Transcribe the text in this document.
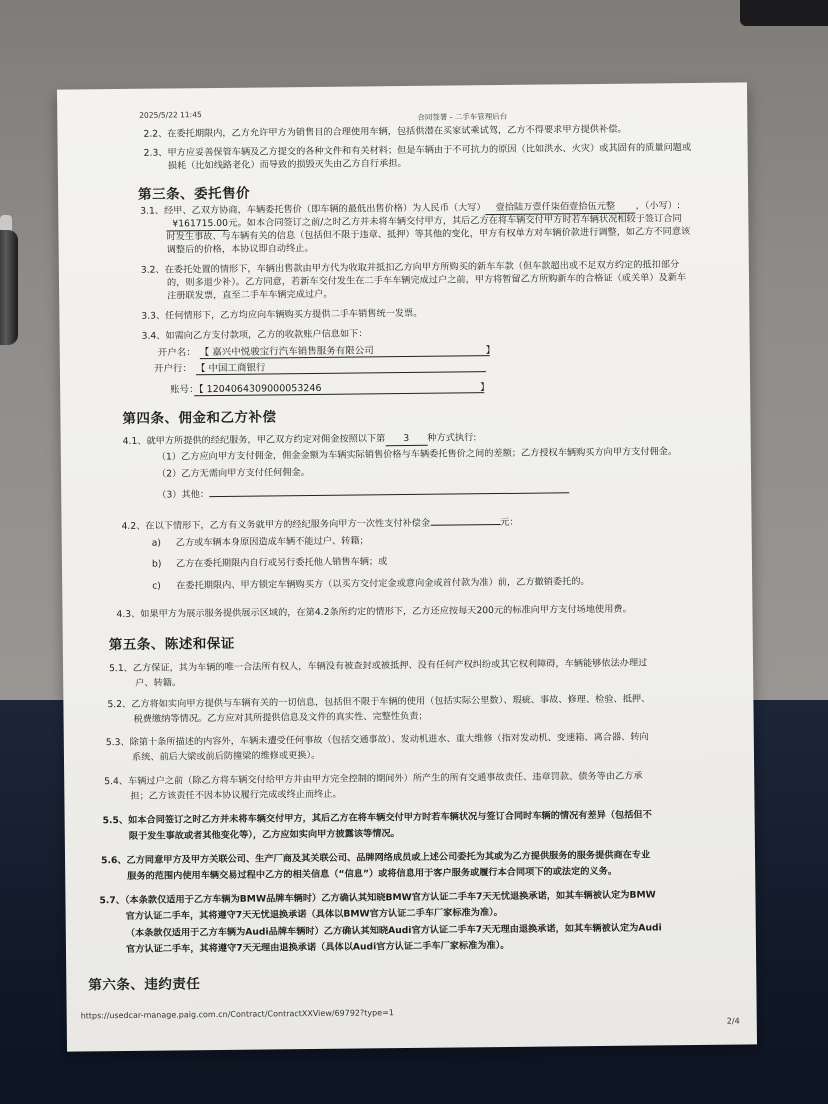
2025/5/22 11:45	合同签署 - 二手车管理后台
2.2、在委托期限内，乙方允许甲方为销售目的合理使用车辆，包括供潜在买家试乘试驾，乙方不得要求甲方提供补偿。
2.3、甲方应妥善保管车辆及乙方提交的各种文件和有关材料；但是车辆由于不可抗力的原因（比如洪水、火灾）或其固有的质量问题或
损耗（比如线路老化）而导致的损毁灭失由乙方自行承担。
第三条、委托售价
3.1、经甲、乙双方协商，车辆委托售价（即车辆的最低出售价格）为人民币（大写） 壹拾陆万壹仟柒佰壹拾伍元整 ，（小写）:
¥161715.00元。如本合同签订之前/之时乙方并未将车辆交付甲方，其后乙方在将车辆交付甲方时若车辆状况相较于签订合同
时发生事故、与车辆有关的信息（包括但不限于违章、抵押）等其他的变化，甲方有权单方对车辆价款进行调整，如乙方不同意该
调整后的价格，本协议即自动终止。
3.2、在委托处置的情形下，车辆出售款由甲方代为收取并抵扣乙方向甲方所购买的新车车款（但车款超出或不足双方约定的抵扣部分
的，则多退少补）。乙方同意，若新车交付发生在二手车车辆完成过户之前，甲方将暂留乙方所购新车的合格证（或关单）及新车
注册联发票，直至二手车车辆完成过户。
3.3、任何情形下，乙方均应向车辆购买方提供二手车销售统一发票。
3.4、如需向乙方支付款项，乙方的收款账户信息如下：
开户名： 【 嘉兴中悦骏宝行汽车销售服务有限公司	】
开户行： 【 中国工商银行
账号：
【 1204064309000053246	】
第四条、佣金和乙方补偿
4.1、就甲方所提供的经纪服务，甲乙双方约定对佣金按照以下第 3 种方式执行:
（1）乙方应向甲方支付佣金，佣金金额为车辆实际销售价格与车辆委托售价之间的差额；乙方授权车辆购买方向甲方支付佣金。
（2）乙方无需向甲方支付任何佣金。
（3）其他：
4.2、在以下情形下，乙方有义务就甲方的经纪服务向甲方一次性支付补偿金	元：
a) 乙方或车辆本身原因造成车辆不能过户、转籍；
b) 乙方在委托期限内自行或另行委托他人销售车辆；或
c) 在委托期限内、甲方锁定车辆购买方（以买方交付定金或意向金或首付款为准）前，乙方撤销委托的。
4.3、如果甲方为展示服务提供展示区域的，在第4.2条所约定的情形下，乙方还应按每天200元的标准向甲方支付场地使用费。
第五条、陈述和保证
5.1、乙方保证，其为车辆的唯一合法所有权人，车辆没有被查封或被抵押、没有任何产权纠纷或其它权利障碍，车辆能够依法办理过
户、转籍。
5.2、乙方将如实向甲方提供与车辆有关的一切信息，包括但不限于车辆的使用（包括实际公里数）、瑕疵、事故、修理、检验、抵押、
税费缴纳等情况。乙方应对其所提供信息及文件的真实性、完整性负责；
5.3、除第十条所描述的内容外，车辆未遭受任何事故（包括交通事故）、发动机进水、重大维修（指对发动机、变速箱、离合器、转向
系统、前后大梁或前后防撞梁的维修或更换）。
5.4、车辆过户之前（除乙方将车辆交付给甲方并由甲方完全控制的期间外）所产生的所有交通事故责任、违章罚款、债务等由乙方承
担；乙方该责任不因本协议履行完成或终止而终止。
5.5、如本合同签订之时乙方并未将车辆交付甲方，其后乙方在将车辆交付甲方时若车辆状况与签订合同时车辆的情况有差异（包括但不
限于发生事故或者其他变化等），乙方应如实向甲方披露该等情况。
5.6、乙方同意甲方及甲方关联公司、生产厂商及其关联公司、品牌网络成员或上述公司委托为其或为乙方提供服务的服务提供商在专业
服务的范围内使用车辆交易过程中乙方的相关信息（“信息”）或将信息用于客户服务或履行本合同项下的或法定的义务。
5.7、（本条款仅适用于乙方车辆为BMW品牌车辆时）乙方确认其知晓BMW官方认证二手车7天无忧退换承诺，如其车辆被认定为BMW
官方认证二手车，其将遵守7天无忧退换承诺（具体以BMW官方认证二手车厂家标准为准）。
（本条款仅适用于乙方车辆为Audi品牌车辆时）乙方确认其知晓Audi官方认证二手车7天无理由退换承诺，如其车辆被认定为Audi
官方认证二手车，其将遵守7天无理由退换承诺（具体以Audi官方认证二手车厂家标准为准）。
第六条、违约责任
https://usedcar-manage.paig.com.cn/Contract/ContractXXView/69792?type=1
2/4
